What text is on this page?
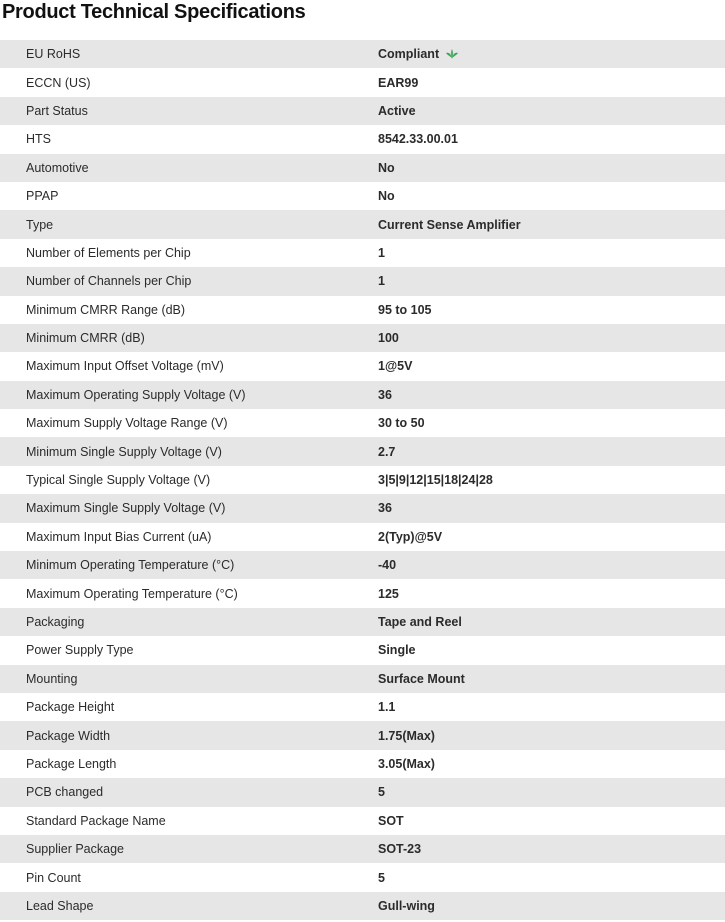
Product Technical Specifications
EU RoHS	Compliant
ECCN (US)	EAR99
Part Status	Active
HTS	8542.33.00.01
Automotive	No
PPAP	No
Type	Current Sense Amplifier
Number of Elements per Chip	1
Number of Channels per Chip	1
Minimum CMRR Range (dB)	95 to 105
Minimum CMRR (dB)	100
Maximum Input Offset Voltage (mV)	1@5V
Maximum Operating Supply Voltage (V)	36
Maximum Supply Voltage Range (V)	30 to 50
Minimum Single Supply Voltage (V)	2.7
Typical Single Supply Voltage (V)	3|5|9|12|15|18|24|28
Maximum Single Supply Voltage (V)	36
Maximum Input Bias Current (uA)	2(Typ)@5V
Minimum Operating Temperature (°C)	-40
Maximum Operating Temperature (°C)	125
Packaging	Tape and Reel
Power Supply Type	Single
Mounting	Surface Mount
Package Height	1.1
Package Width	1.75(Max)
Package Length	3.05(Max)
PCB changed	5
Standard Package Name	SOT
Supplier Package	SOT-23
Pin Count	5
Lead Shape	Gull-wing
